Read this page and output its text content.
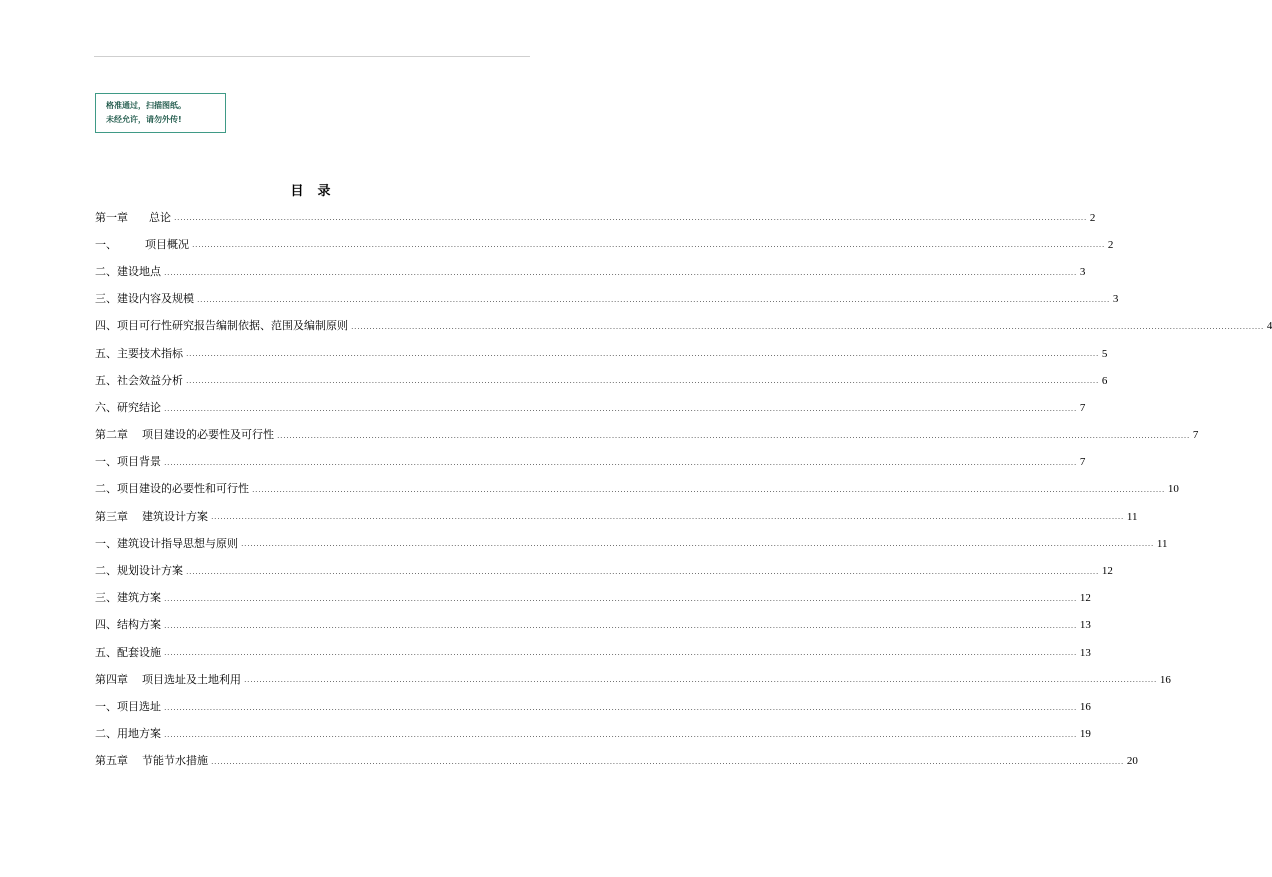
格准通过，扫描图纸。
未经允许，请勿外传!
目录
第一章      总论 ............................................................................................................................................................................................................................................................................................................ 2
一、        项目概况 ............................................................................................................................................................................................................................................................................................................ 2
二、建设地点 ............................................................................................................................................................................................................................................................................................................ 3
三、建设内容及规模 ............................................................................................................................................................................................................................................................................................................ 3
四、项目可行性研究报告编制依据、范围及编制原则 ............................................................................................................................................................................................................................................................................................................ 4
五、主要技术指标 ............................................................................................................................................................................................................................................................................................................ 5
五、社会效益分析 ............................................................................................................................................................................................................................................................................................................ 6
六、研究结论 ............................................................................................................................................................................................................................................................................................................ 7
第二章    项目建设的必要性及可行性 ............................................................................................................................................................................................................................................................................................................ 7
一、项目背景 ............................................................................................................................................................................................................................................................................................................ 7
二、项目建设的必要性和可行性 ............................................................................................................................................................................................................................................................................................................ 10
第三章    建筑设计方案 ............................................................................................................................................................................................................................................................................................................ 11
一、建筑设计指导思想与原则 ............................................................................................................................................................................................................................................................................................................ 11
二、规划设计方案 ............................................................................................................................................................................................................................................................................................................ 12
三、建筑方案 ............................................................................................................................................................................................................................................................................................................ 12
四、结构方案 ............................................................................................................................................................................................................................................................................................................ 13
五、配套设施 ............................................................................................................................................................................................................................................................................................................ 13
第四章    项目选址及土地利用 ............................................................................................................................................................................................................................................................................................................ 16
一、项目选址 ............................................................................................................................................................................................................................................................................................................ 16
二、用地方案 ............................................................................................................................................................................................................................................................................................................ 19
第五章    节能节水措施 ............................................................................................................................................................................................................................................................................................................ 20
